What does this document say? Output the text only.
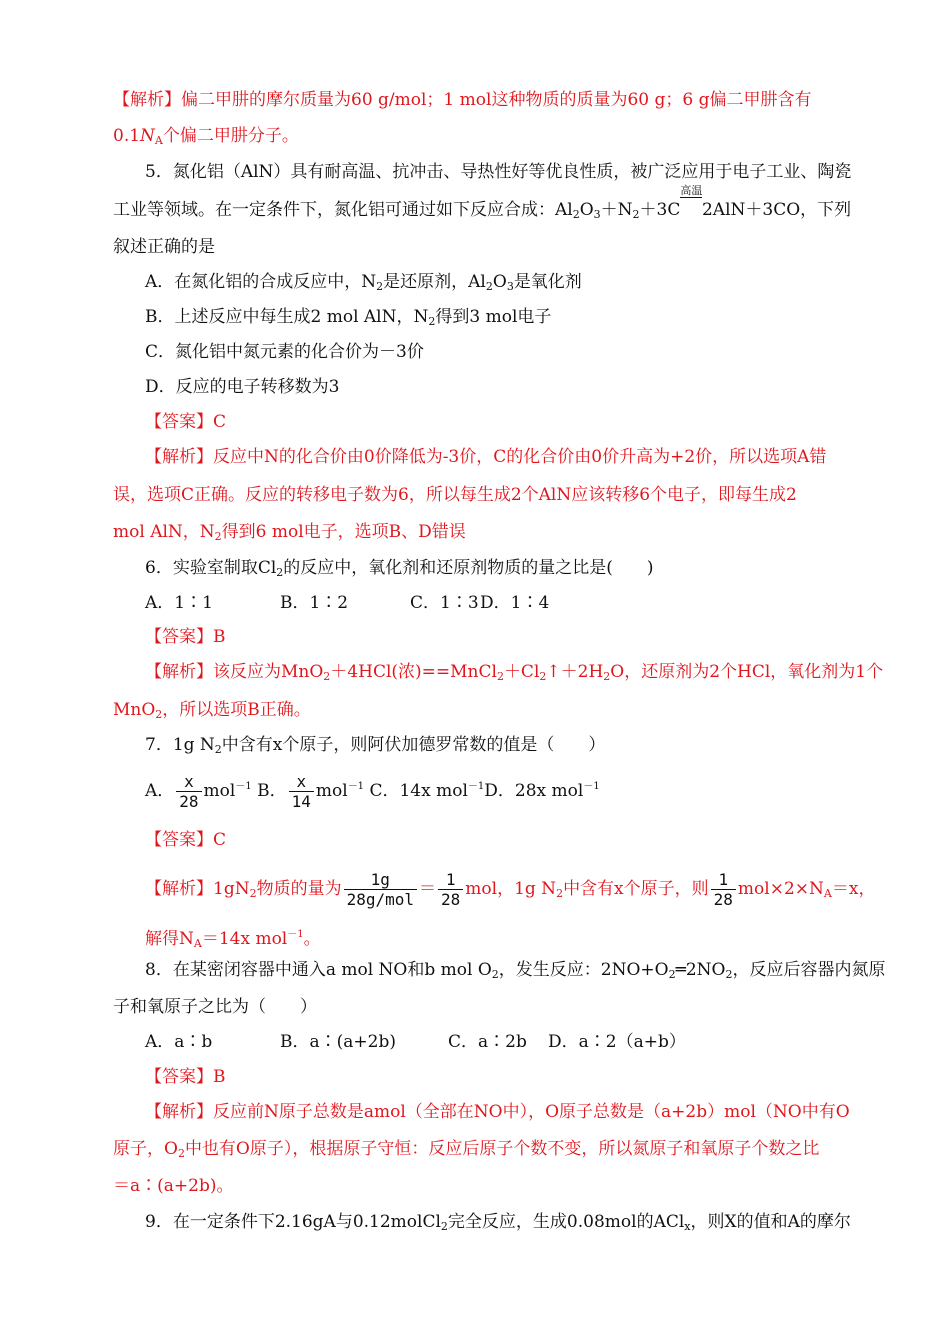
【解析】偏二甲肼的摩尔质量为60 g/mol；1 mol这种物质的质量为60 g；6 g偏二甲肼含有
$0.1N_A$个偏二甲肼分子。
5．氮化铝（AlN）具有耐高温、抗冲击、导热性好等优良性质，被广泛应用于电子工业、陶瓷
工业等领域。在一定条件下，氮化铝可通过如下反应合成：$Al_2O_3+N_2+3C$
高温
​    2AlN＋3CO，下列
叙述正确的是
A．在氮化铝的合成反应中，$N_2$是还原剂，$Al_2O_3$是氧化剂
B．上述反应中每生成2 mol AlN，$N_2$得到3 mol电子
C．氮化铝中氮元素的化合价为－3价
D．反应的电子转移数为3
【答案】C
【解析】反应中N的化合价由0价降低为-3价，C的化合价由0价升高为+2价，所以选项A错
误，选项C正确。反应的转移电子数为6，所以每生成2个AlN应该转移6个电子，即每生成2
mol AlN，$N_2$得到6 mol电子，选项B、D错误
6．实验室制取$Cl_2$的反应中，氧化剂和还原剂物质的量之比是(　　)
A．1∶1	B．1∶2	C．1∶3D．1∶4
【答案】B
【解析】该反应为MnO$_2$＋4HCl(浓)$==MnCl_2+Cl_2↑+2H_2O$，还原剂为2个HCl，氧化剂为1个
MnO$_2$，所以选项B正确。
7．1g $N_2$中含有x个原子，则阿伏加德罗常数的值是（　　）
A． $\frac{x}{28} mol^{-1}$ B． $\frac{x}{14} mol^{-1}$ C．14x mol$^{-1}$D．28x mol$^{-1}$
【答案】C
【解析】$1gN_2$物质的量为 $\frac{1g}{\text{28g/mol}} = \frac{1}{28}$ mol，1g $N_2$中含有x个原子，则 $\frac{1}{28} mol\times 2\times N_A=x$，
解得$N_A=14x$ mol$^{-1}$。
8．在某密闭容器中通入a mol NO和b mol $O_2$，发生反应：$2NO+O_2═2NO_2$，反应后容器内氮原
子和氧原子之比为（　　）
A．a∶b	B．a∶(a+2b)	C．a∶2b D．a∶2（a+b）
【答案】B
【解析】反应前N原子总数是amol（全部在NO中），O原子总数是（a+2b）mol（NO中有O
原子，$O_2$中也有O原子），根据原子守恒：反应后原子个数不变，所以氮原子和氧原子个数之比
＝a∶(a+2b)。
9．在一定条件下2.16gA与0.12molCl$_2$完全反应，生成0.08mol的ACl$_x$，则X的值和A的摩尔
